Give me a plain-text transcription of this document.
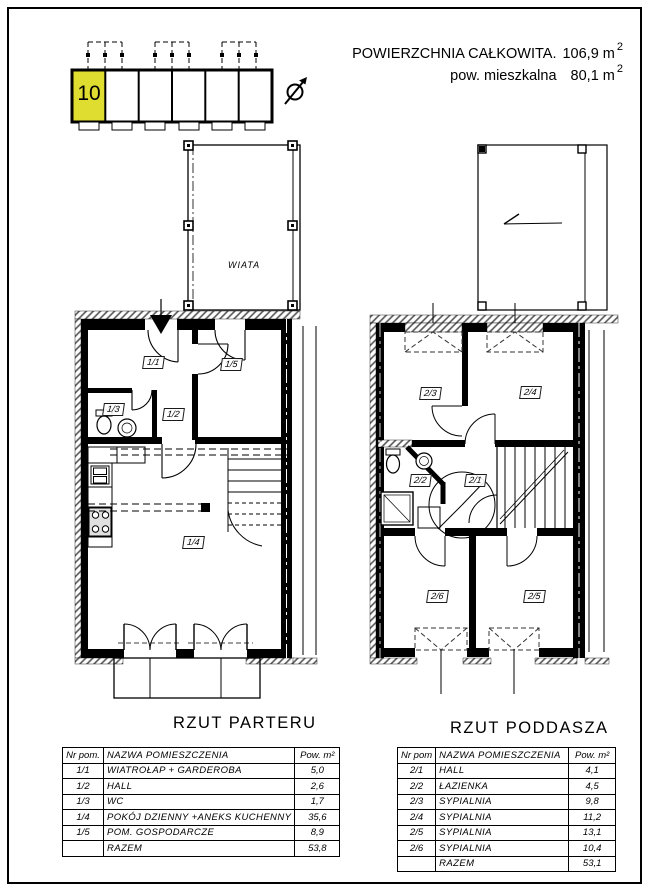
POWIERZCHNIA CAŁKOWITA. 106,9 m $^2$
pow. mieszkalna 80,1 m $^2$
10
WIATA
1/1
1/2
1/3
1/4
1/5
2/1
2/2
2/3	2/4
2/5
2/6
RZUT PARTERU	RZUT PODDASZA
Nr pom.	NAZWA POMIESZCZENIA	Pow. m²
1/1	WIATROŁAP + GARDEROBA	5,0
1/2	HALL	2,6
1/3	WC	1,7
1/4	POKÓJ DZIENNY +ANEKS KUCHENNY	35,6
1/5	POM. GOSPODARCZE	8,9
	RAZEM	53,8
Nr pom	NAZWA POMIESZCZENIA	Pow. m²
2/1	HALL	4,1
2/2	ŁAZIENKA	4,5
2/3	SYPIALNIA	9,8
2/4	SYPIALNIA	11,2
2/5	SYPIALNIA	13,1
2/6	SYPIALNIA	10,4
	RAZEM	53,1
